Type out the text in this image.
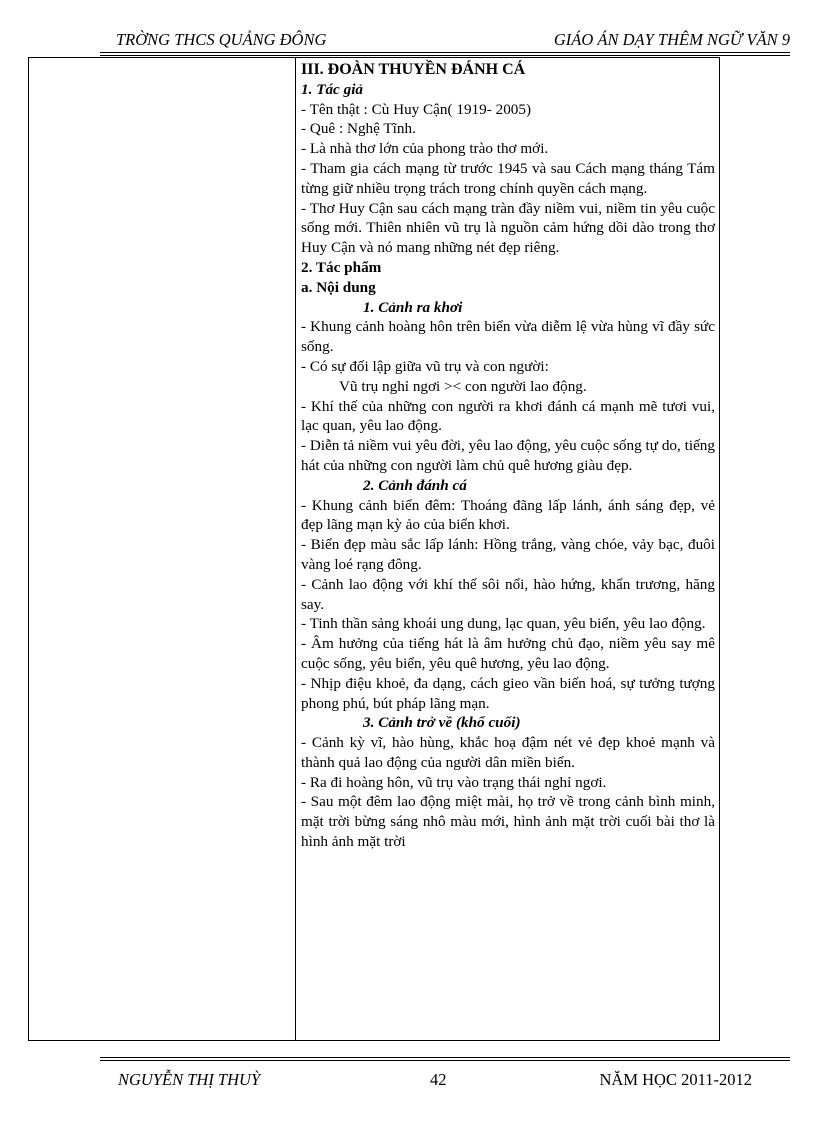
TRỜNG THCS QUẢNG ĐÔNG	GIÁO ÁN DẠY THÊM NGỮ VĂN 9

III. ĐOÀN THUYỀN ĐÁNH CÁ

1. Tác giả

- Tên thật : Cù Huy Cận( 1919- 2005)

- Quê : Nghệ Tĩnh.

- Là nhà thơ lớn của phong trào thơ mới.

- Tham gia cách mạng từ trước 1945 và sau Cách mạng tháng Tám từng giữ nhiều trọng trách trong chính quyền cách mạng.

- Thơ Huy Cận sau cách mạng tràn đầy niềm vui, niềm tin yêu cuộc sống mới. Thiên nhiên vũ trụ là nguồn cảm hứng dồi dào trong thơ Huy Cận và nó mang những nét đẹp riêng.

2. Tác phẩm

a. Nội dung

1. Cảnh ra khơi

- Khung cảnh hoàng hôn trên biển vừa diễm lệ vừa hùng vĩ đầy sức sống.

- Có sự đối lập giữa vũ trụ và con người:

Vũ trụ nghỉ ngơi >< con người lao động.

- Khí thế của những con người ra khơi đánh cá mạnh mẽ tươi vui, lạc quan, yêu lao động.

- Diễn tả niềm vui yêu đời, yêu lao động, yêu cuộc sống tự do, tiếng hát của những con người làm chủ quê hương giàu đẹp.

2. Cảnh đánh cá

- Khung cảnh biển đêm: Thoáng đãng lấp lánh, ánh sáng đẹp, vẻ đẹp lãng mạn kỳ ảo của biển khơi.

- Biển đẹp màu sắc lấp lánh: Hồng trắng, vàng chóe, vảy bạc, đuôi vàng loé rạng đông.

- Cảnh lao động với khí thế sôi nổi, hào hứng, khẩn trương, hăng say.

- Tinh thần sảng khoái ung dung, lạc quan, yêu biển, yêu lao động.

- Âm hưởng của tiếng hát là âm hưởng chủ đạo, niềm yêu say mê cuộc sống, yêu biển, yêu quê hương, yêu lao động.

- Nhịp điệu khoẻ, đa dạng, cách gieo vần biến hoá, sự tưởng tượng phong phú, bút pháp lãng mạn.

3. Cảnh trở về (khổ cuối)

- Cảnh kỳ vĩ, hào hùng, khắc hoạ đậm nét vẻ đẹp khoẻ mạnh và thành quả lao động của người dân miền biển.

- Ra đi hoàng hôn, vũ trụ vào trạng thái nghỉ ngơi.

- Sau một đêm lao động miệt mài, họ trở về trong cảnh bình minh, mặt trời bừng sáng nhô màu mới, hình ảnh mặt trời cuối bài thơ là hình ảnh mặt trời

NGUYỄN THỊ THUỲ	42	NĂM HỌC 2011-2012
